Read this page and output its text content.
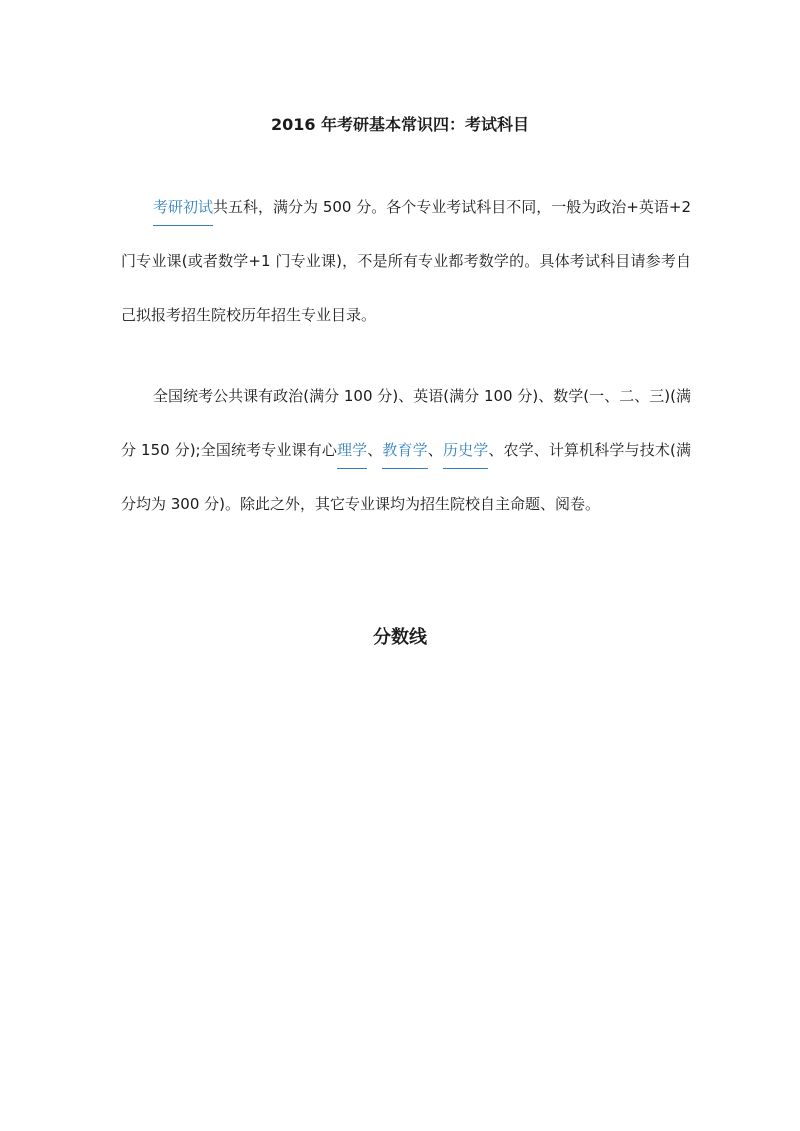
2016 年考研基本常识四：考试科目

考研初试共五科，满分为 500 分。各个专业考试科目不同，一般为政治+英语+2 门专业课(或者数学+1 门专业课)，不是所有专业都考数学的。具体考试科目请参考自己拟报考招生院校历年招生专业目录。

全国统考公共课有政治(满分 100 分)、英语(满分 100 分)、数学(一、二、三)(满分 150 分);全国统考专业课有心理学、教育学、历史学、农学、计算机科学与技术(满分均为 300 分)。除此之外，其它专业课均为招生院校自主命题、阅卷。

分数线
